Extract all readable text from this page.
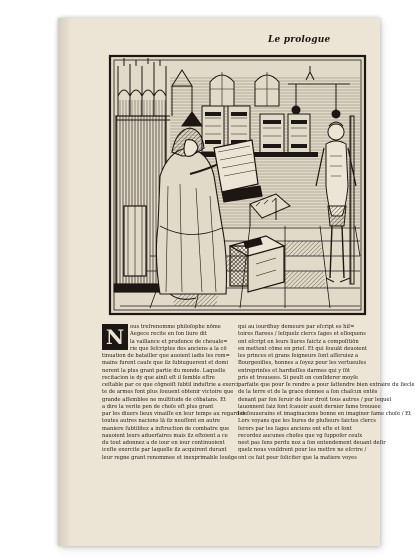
Le prologue
N	ous treſrenomme philoſophe nōme
Aegece recite en ſon liure dit
la vaillance et prudence de cheuale=
rie que ſeſcriptes des anciens a la cō
tinuation de batailler que auoient iadis les rom=
mains furent cauſe que ilz ſubiuguerent et domi
nerent la plus grant partie du monde. Laquelle
recitacion ie dy que ainſi eſt il ſemble eſtre
ceſtable par ce que cōgnoiſt ſubtil induſtrie a exerci
te de armes font plus ſouuent obtenir victoire que
grande aſſemblee ne multitude de cōbatans. Et
a dire la verite pen de choſe eſt plus grant
par les diuers lieux vinaiſſe en leur temps au regard de
toutes autres nacions lā ilz neuſſent en autre
maniere ſubtilitez a inſtruction de combatre que
nauoient leurs aduerſaires mais ilz eſtoient a ce
du tout adonnez a de iour en iour continuoient
iceſte exercite par laquelle ilz acquirent durant
leur regne grant renommee et inexprimable louēge
qui au iourdhuy demeure par eſcript es hiſ=
toires ſtarees / leſquelz clercs ſages et eſloquens
ont eſcript en leurs liures faictz a compoſitiōn
en mettent cōme en prieſ. Et qui ſouuāt deuoient
les princes et grans ſeigneurs ſont aſſeruiez a
Bourgeoiſies, honnes a ſoyez pour les vertueuſes
entreprinſes et hardieſſes darmes qui y ſōt
pris et trouuees. Si peult on conſiderer moyſe
parfaite que pour ſe rendre a pour ſattendre bien extraire du ſiecle
de la terre et de la grace donnee a ſon chaſcun entēs
denant par ſon ſeruir de leur droit tous autres / pur lequel
lauonnent ſaiz font ſcauoir auoit dernier fame trouuee
les ſouuerains et imaginacions bonne en imaginer fame choſe / Et
Lors voyans que les liures de pluſieurs faictes clercs
ſerors par les ſages anciens ont eſte et ſont
recordez aucunes choſes que vg ſuppoſer ceulx
nest pas ſens perdu noz a ſon entendement deuant deſir
quelz nous vouldrent pour les mettre ne eſcrire /
ont ce fait pour ſoliciter que la matiere voyes
